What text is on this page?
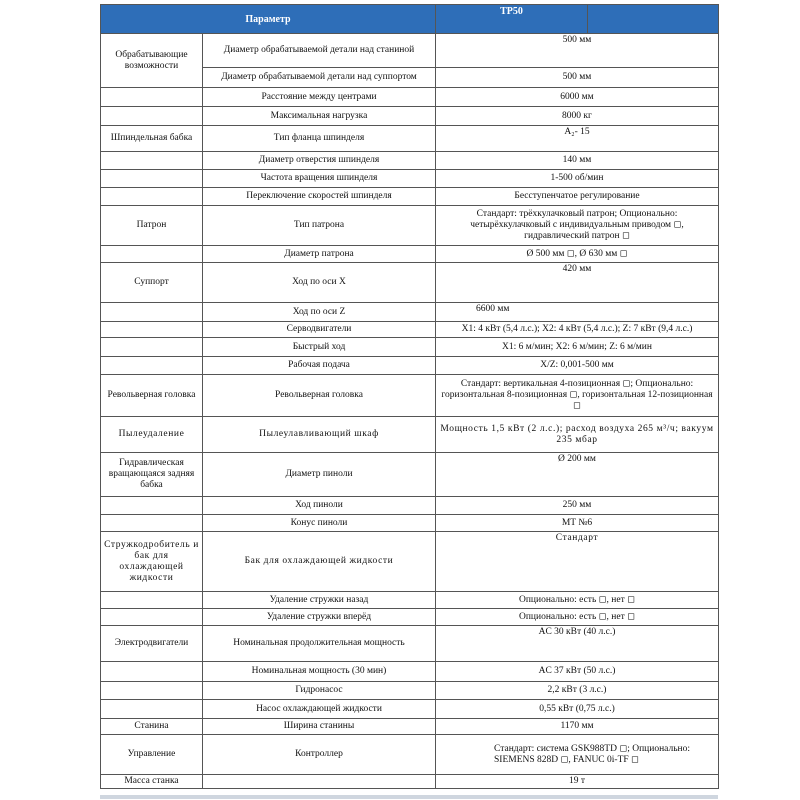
Параметр		TP50	
Обрабатывающие возможности	Диаметр обрабатываемой детали над станиной	500 мм	
	Диаметр обрабатываемой детали над суппортом	500 мм	
	Расстояние между центрами	6000 мм	
	Максимальная нагрузка	8000 кг	
Шпиндельная бабка	Тип фланца шпинделя	A₂- 15	
	Диаметр отверстия шпинделя	140 мм	
	Частота вращения шпинделя	1-500 об/мин	
	Переключение скоростей шпинделя	Бесступенчатое регулирование	
Патрон	Тип патрона	Стандарт: трёхкулачковый патрон; Опционально: четырёхкулачковый с индивидуальным приводом ◻, гидравлический патрон ◻	
	Диаметр патрона	Ø 500 мм ◻, Ø 630 мм ◻	
Суппорт	Ход по оси X	420 мм	
	Ход по оси Z	6600 мм	
	Серводвигатели	X1: 4 кВт (5,4 л.с.); X2: 4 кВт (5,4 л.с.); Z: 7 кВт (9,4 л.с.)	
	Быстрый ход	X1: 6 м/мин; X2: 6 м/мин; Z: 6 м/мин	
	Рабочая подача	X/Z: 0,001-500 мм	
Револьверная головка	Револьверная головка	Стандарт: вертикальная 4-позиционная ◻; Опционально: горизонтальная 8-позиционная ◻, горизонтальная 12-позиционная ◻	
Пылеудаление	Пылеулавливающий шкаф	Мощность 1,5 кВт (2 л.с.); расход воздуха 265 м³/ч; вакуум 235 мбар	
Гидравлическая вращающаяся задняя бабка	Диаметр пиноли	Ø 200 мм	
	Ход пиноли	250 мм	
	Конус пиноли	MT №6	
Стружкодробитель и бак для охлаждающей жидкости	Бак для охлаждающей жидкости	Стандарт	
	Удаление стружки назад	Опционально: есть ◻, нет ◻	
	Удаление стружки вперёд	Опционально: есть ◻, нет ◻	
Электродвигатели	Номинальная продолжительная мощность	AC 30 кВт (40 л.с.)	
	Номинальная мощность (30 мин)	AC 37 кВт (50 л.с.)	
	Гидронасос	2,2 кВт (3 л.с.)	
	Насос охлаждающей жидкости	0,55 кВт (0,75 л.с.)	
Станина	Ширина станины	1170 мм	
Управление	Контроллер	Стандарт: система GSK988TD ◻; Опционально: SIEMENS 828D ◻, FANUC 0i-TF ◻	
Масса станка		19 т	
